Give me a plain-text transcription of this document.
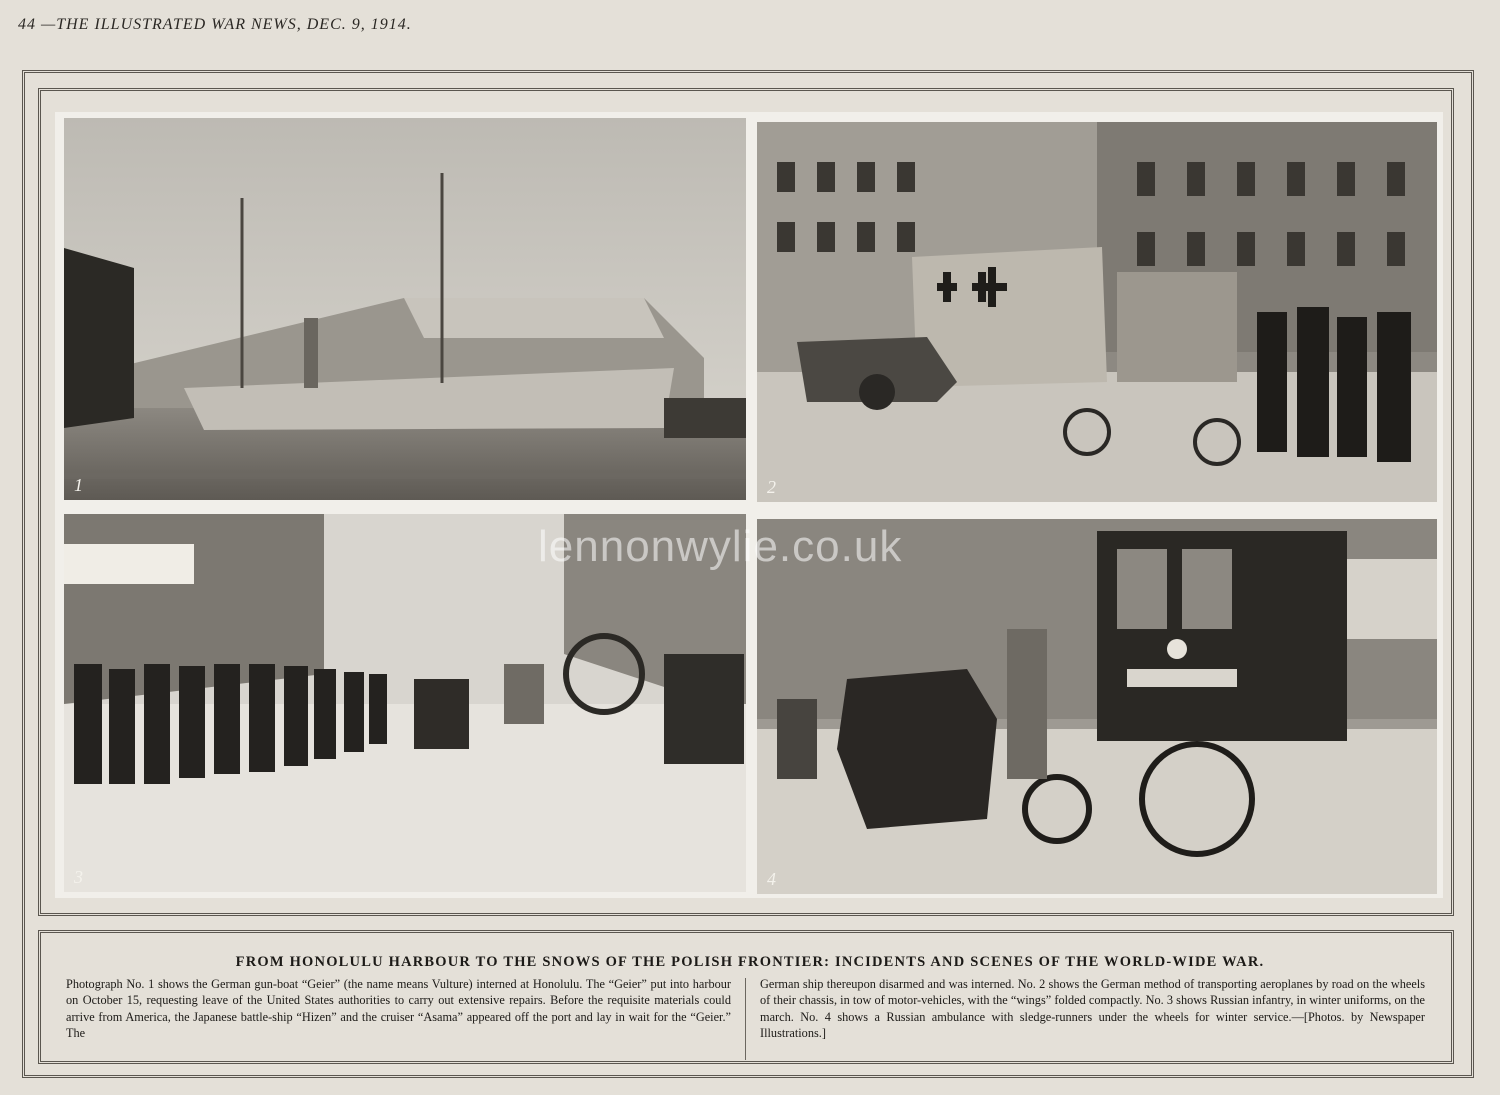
44 —THE ILLUSTRATED WAR NEWS, DEC. 9, 1914.
1	2
3	4
lennonwylie.co.uk
FROM HONOLULU HARBOUR TO THE SNOWS OF THE POLISH FRONTIER: INCIDENTS AND SCENES OF THE WORLD-WIDE WAR.
Photograph No. 1 shows the German gun-boat “Geier” (the name means Vulture) interned at Honolulu. The “Geier” put into harbour on October 15, requesting leave of the United States authorities to carry out extensive repairs. Before the requisite materials could arrive from America, the Japanese battle-ship “Hizen” and the cruiser “Asama” appeared off the port and lay in wait for the “Geier.” The
German ship thereupon disarmed and was interned. No. 2 shows the German method of transporting aeroplanes by road on the wheels of their chassis, in tow of motor-vehicles, with the “wings” folded compactly. No. 3 shows Russian infantry, in winter uniforms, on the march. No. 4 shows a Russian ambulance with sledge-runners under the wheels for winter service.—[Photos. by Newspaper Illustrations.]
